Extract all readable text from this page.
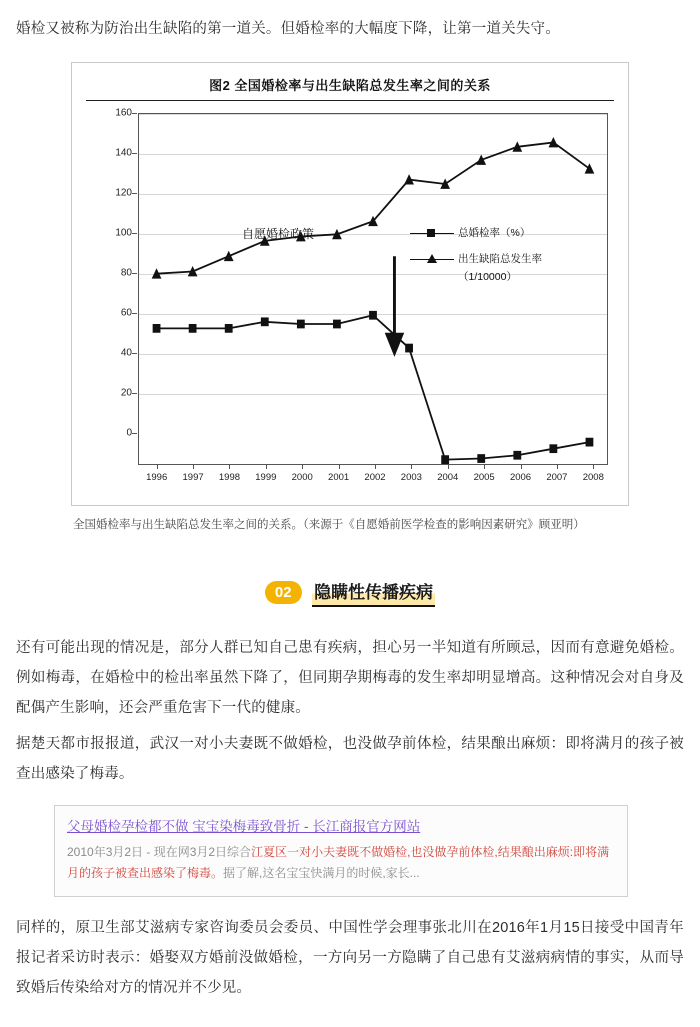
婚检又被称为防治出生缺陷的第一道关。但婚检率的大幅度下降，让第一道关失守。

图2 全国婚检率与出生缺陷总发生率之间的关系
160
140
120
100
80
60
40
20
0
自愿婚检政策	总婚检率（%）
出生缺陷总发生率
（1/10000）
1996 1997 1998 1999 2000 2001 2002 2003 2004 2005 2006 2007 2008
全国婚检率与出生缺陷总发生率之间的关系。（来源于《自愿婚前医学检查的影响因素研究》顾亚明）
02 隐瞒性传播疾病

还有可能出现的情况是，部分人群已知自己患有疾病，担心另一半知道有所顾忌，因而有意避免婚检。例如梅毒，在婚检中的检出率虽然下降了，但同期孕期梅毒的发生率却明显增高。这种情况会对自身及配偶产生影响，还会严重危害下一代的健康。

据楚天都市报报道，武汉一对小夫妻既不做婚检，也没做孕前体检，结果酿出麻烦：即将满月的孩子被查出感染了梅毒。

父母婚检孕检都不做 宝宝染梅毒致骨折 - 长江商报官方网站
2010年3月2日 - 现在网3月2日综合江夏区一对小夫妻既不做婚检,也没做孕前体检,结果酿出麻烦:即将满月的孩子被查出感染了梅毒。据了解,这名宝宝快满月的时候,家长...

同样的，原卫生部艾滋病专家咨询委员会委员、中国性学会理事张北川在2016年1月15日接受中国青年报记者采访时表示：婚娶双方婚前没做婚检，一方向另一方隐瞒了自己患有艾滋病病情的事实，从而导致婚后传染给对方的情况并不少见。
